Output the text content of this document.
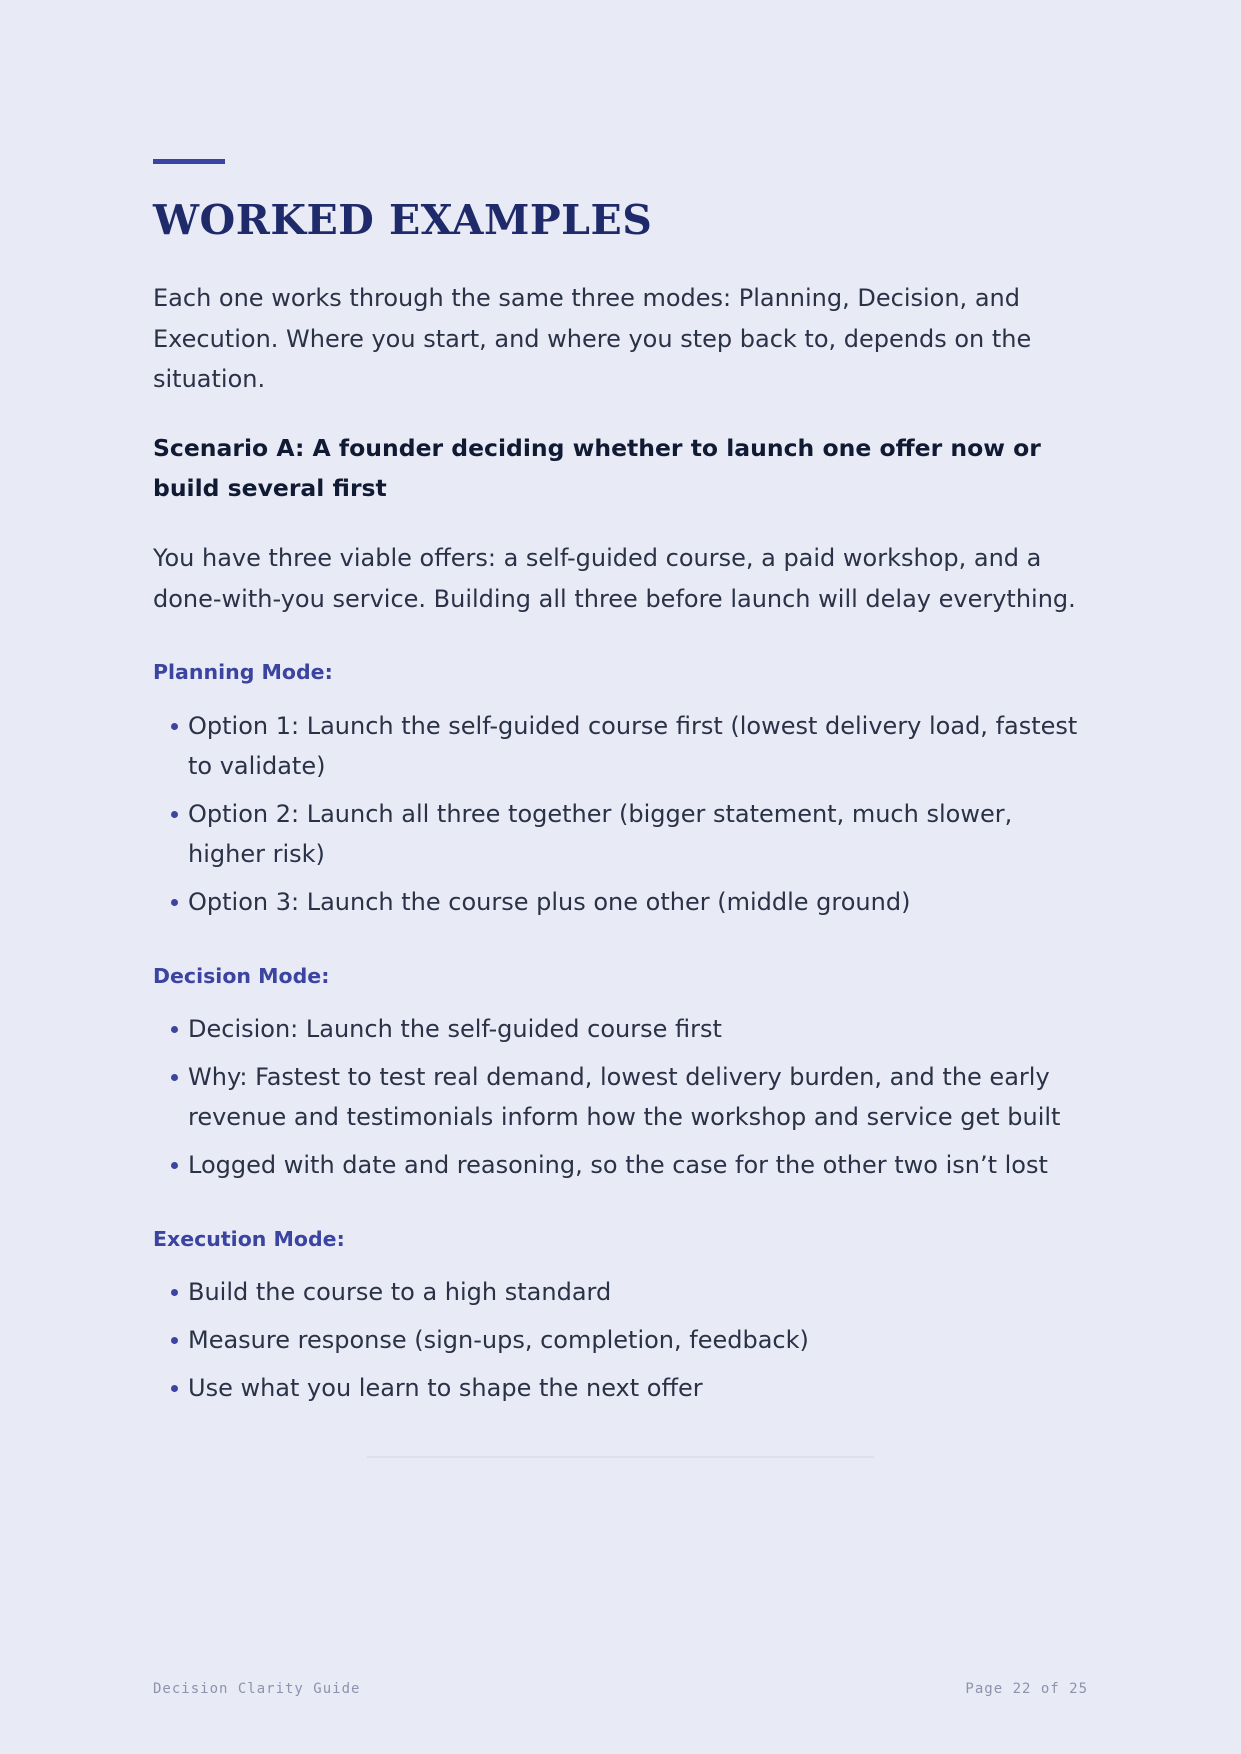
WORKED EXAMPLES

Each one works through the same three modes: Planning, Decision, and Execution. Where you start, and where you step back to, depends on the situation.

Scenario A: A founder deciding whether to launch one offer now or build several first

You have three viable offers: a self-guided course, a paid workshop, and a done-with-you service. Building all three before launch will delay everything.

Planning Mode:

Option 1: Launch the self-guided course first (lowest delivery load, fastest to validate)
Option 2: Launch all three together (bigger statement, much slower, higher risk)
Option 3: Launch the course plus one other (middle ground)

Decision Mode:

Decision: Launch the self-guided course first
Why: Fastest to test real demand, lowest delivery burden, and the early revenue and testimonials inform how the workshop and service get built
Logged with date and reasoning, so the case for the other two isn’t lost

Execution Mode:

Build the course to a high standard
Measure response (sign-ups, completion, feedback)
Use what you learn to shape the next offer
Decision Clarity Guide	Page 22 of 25
